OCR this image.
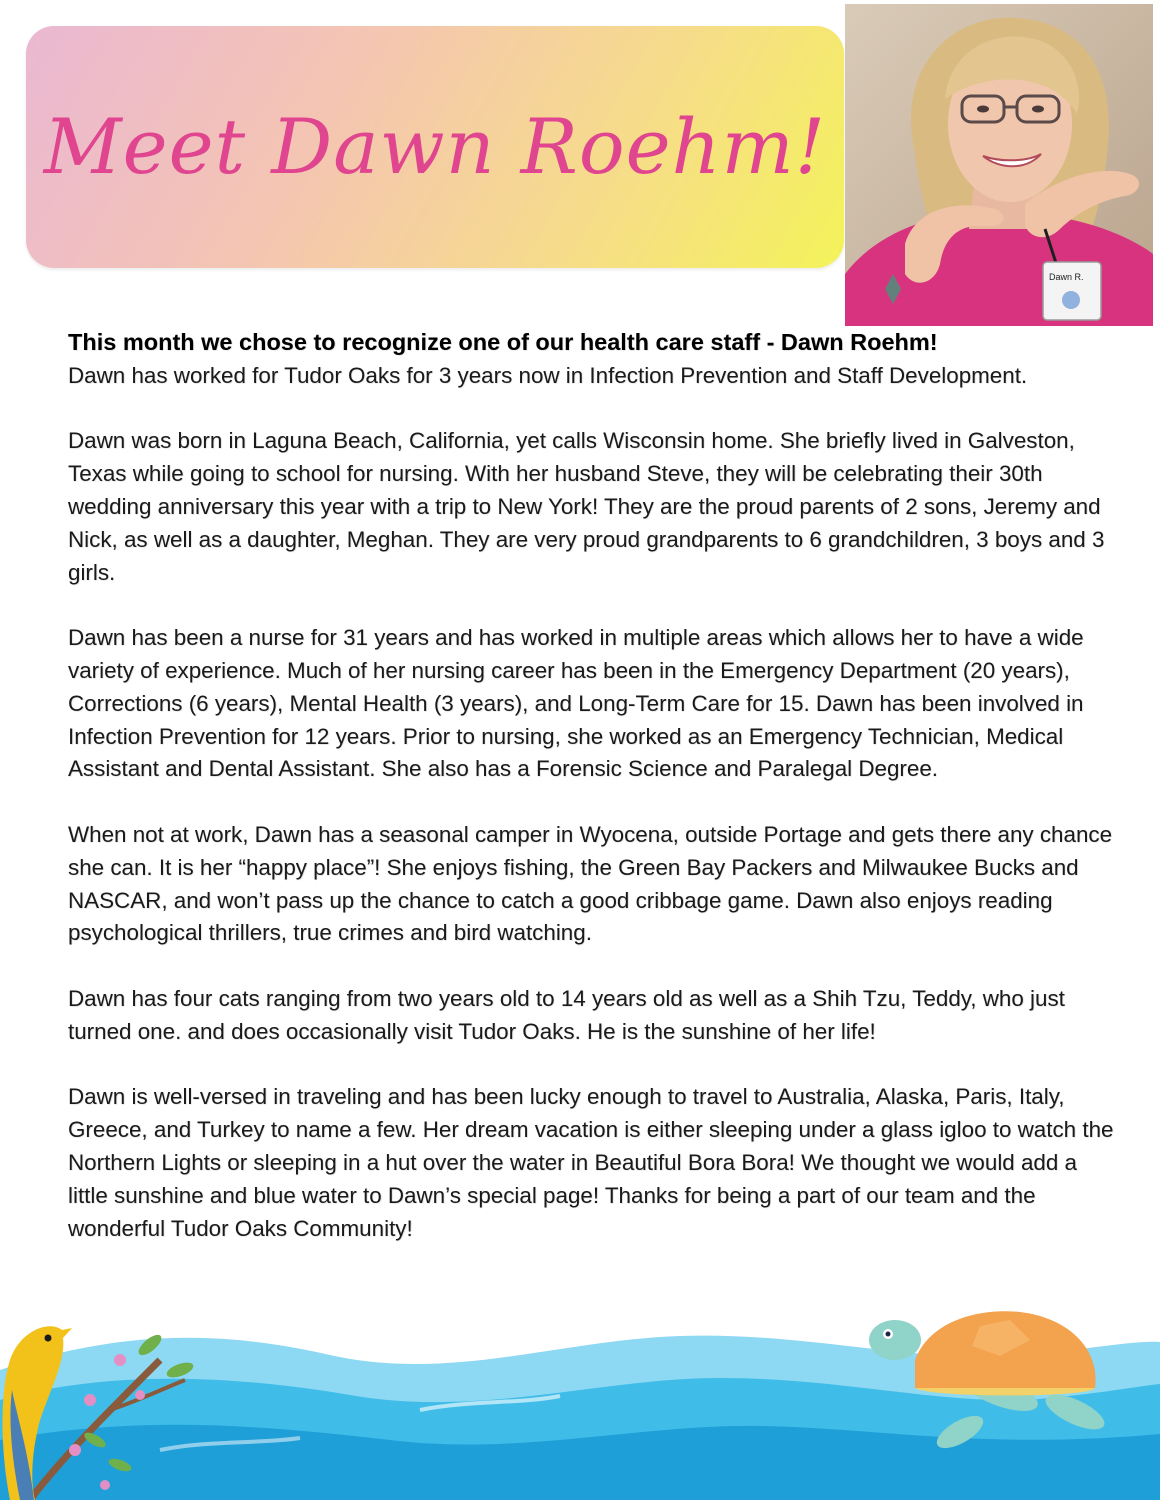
Meet Dawn Roehm!
Dawn R.

This month we chose to recognize one of our health care staff - Dawn Roehm!
Dawn has worked for Tudor Oaks for 3 years now in Infection Prevention and Staff Development.

Dawn was born in Laguna Beach, California, yet calls Wisconsin home. She briefly lived in Galveston, Texas while going to school for nursing. With her husband Steve, they will be celebrating their 30th wedding anniversary this year with a trip to New York! They are the proud parents of 2 sons, Jeremy and Nick, as well as a daughter, Meghan. They are very proud grandparents to 6 grandchildren, 3 boys and 3 girls.

Dawn has been a nurse for 31 years and has worked in multiple areas which allows her to have a wide variety of experience. Much of her nursing career has been in the Emergency Department (20 years), Corrections (6 years), Mental Health (3 years), and Long-Term Care for 15. Dawn has been involved in Infection Prevention for 12 years. Prior to nursing, she worked as an Emergency Technician, Medical Assistant and Dental Assistant. She also has a Forensic Science and Paralegal Degree.

When not at work, Dawn has a seasonal camper in Wyocena, outside Portage and gets there any chance she can. It is her “happy place”! She enjoys fishing, the Green Bay Packers and Milwaukee Bucks and NASCAR, and won’t pass up the chance to catch a good cribbage game. Dawn also enjoys reading psychological thrillers, true crimes and bird watching.

Dawn has four cats ranging from two years old to 14 years old as well as a Shih Tzu, Teddy, who just turned one. and does occasionally visit Tudor Oaks. He is the sunshine of her life!

Dawn is well-versed in traveling and has been lucky enough to travel to Australia, Alaska, Paris, Italy, Greece, and Turkey to name a few. Her dream vacation is either sleeping under a glass igloo to watch the Northern Lights or sleeping in a hut over the water in Beautiful Bora Bora! We thought we would add a little sunshine and blue water to Dawn’s special page! Thanks for being a part of our team and the wonderful Tudor Oaks Community!
